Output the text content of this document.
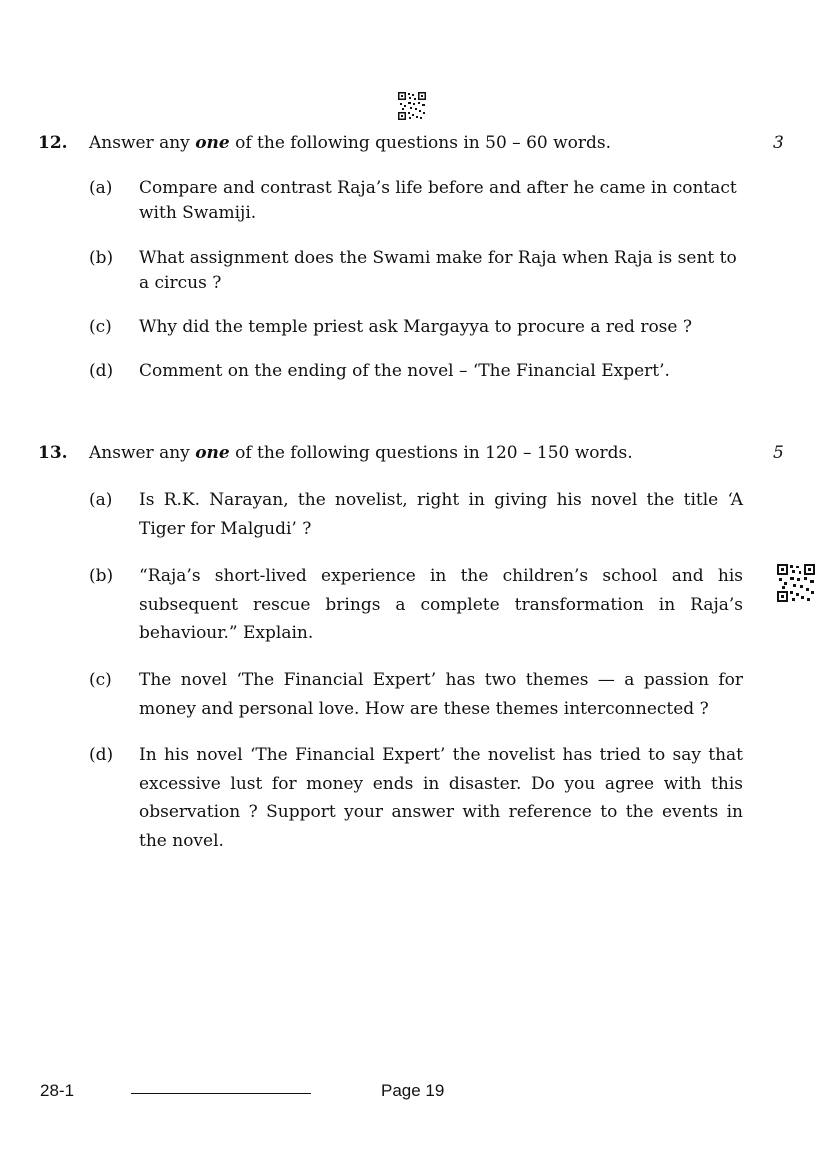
12. Answer any one of the following questions in 50 – 60 words.	3
(a) Compare and contrast Raja’s life before and after he came in contact with Swamiji.
(b) What assignment does the Swami make for Raja when Raja is sent to a circus ?
(c) Why did the temple priest ask Margayya to procure a red rose ?
(d) Comment on the ending of the novel – ‘The Financial Expert’.
13. Answer any one of the following questions in 120 – 150 words.	5
(a) Is R.K. Narayan, the novelist, right in giving his novel the title ‘A Tiger for Malgudi’ ?
(b) “Raja’s short-lived experience in the children’s school and his subsequent rescue brings a complete transformation in Raja’s behaviour.” Explain.
(c) The novel ‘The Financial Expert’ has two themes — a passion for money and personal love. How are these themes interconnected ?
(d) In his novel ‘The Financial Expert’ the novelist has tried to say that excessive lust for money ends in disaster. Do you agree with this observation ? Support your answer with reference to the events in the novel.
28-1	Page 19
